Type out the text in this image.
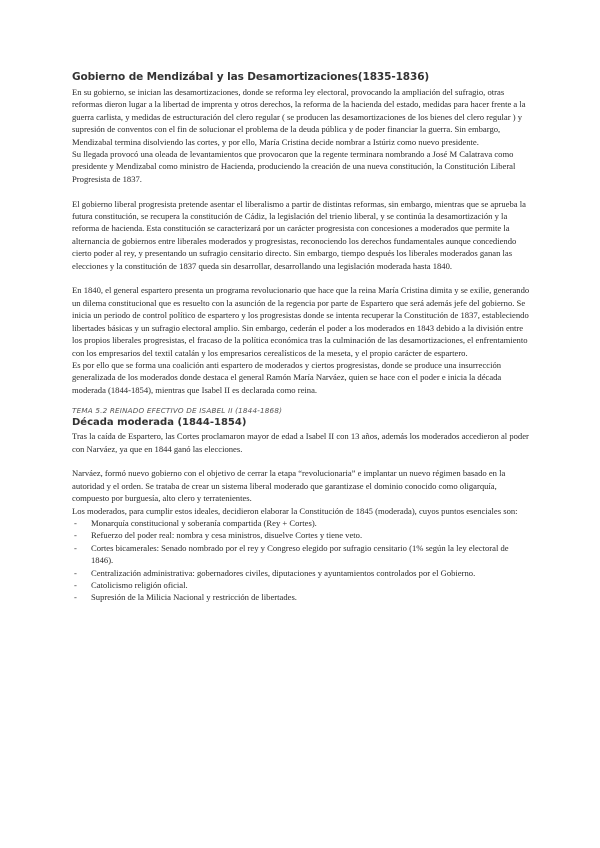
Gobierno de Mendizábal y las Desamortizaciones(1835-1836)

En su gobierno, se inician las desamortizaciones, donde se reforma ley electoral, provocando la ampliación del sufragio, otras reformas dieron lugar a la libertad de imprenta y otros derechos, la reforma de la hacienda del estado, medidas para hacer frente a la guerra carlista, y medidas de estructuración del clero regular ( se producen las desamortizaciones de los bienes del clero regular ) y supresión de conventos con el fin de solucionar el problema de la deuda pública y de poder financiar la guerra. Sin embargo, Mendizabal termina disolviendo las cortes, y por ello, María Cristina decide nombrar a Istúriz como nuevo presidente.

Su llegada provocó una oleada de levantamientos que provocaron que la regente terminara nombrando a José M Calatrava como presidente y Mendizabal como ministro de Hacienda, produciendo la creación de una nueva constitución, la Constitución Liberal Progresista de 1837.

El gobierno liberal progresista pretende asentar el liberalismo a partir de distintas reformas, sin embargo, mientras que se aprueba la futura constitución, se recupera la constitución de Cádiz, la legislación del trienio liberal, y se continúa la desamortización y la reforma de hacienda. Esta constitución se caracterizará por un carácter progresista con concesiones a moderados que permite la alternancia de gobiernos entre liberales moderados y progresistas, reconociendo los derechos fundamentales aunque concediendo cierto poder al rey, y presentando un sufragio censitario directo. Sin embargo, tiempo después los liberales moderados ganan las elecciones y la constitución de 1837 queda sin desarrollar, desarrollando una legislación moderada hasta 1840.

En 1840, el general espartero presenta un programa revolucionario que hace que la reina María Cristina dimita y se exilie, generando un dilema constitucional que es resuelto con la asunción de la regencia por parte de Espartero que será además jefe del gobierno. Se inicia un periodo de control político de espartero y los progresistas donde se intenta recuperar la Constitución de 1837, estableciendo libertades básicas y un sufragio electoral amplio. Sin embargo, cederán el poder a los moderados en 1843 debido a la división entre los propios liberales progresistas, el fracaso de la política económica tras la culminación de las desamortizaciones, el enfrentamiento con los empresarios del textil catalán y los empresarios cerealísticos de la meseta, y el propio carácter de espartero.

Es por ello que se forma una coalición anti espartero de moderados y ciertos progresistas, donde se produce una insurrección generalizada de los moderados donde destaca el general Ramón María Narváez, quien se hace con el poder e inicia la década moderada (1844-1854), mientras que Isabel II es declarada como reina.

TEMA 5.2 REINADO EFECTIVO DE ISABEL II (1844-1868)

Década moderada (1844-1854)

Tras la caída de Espartero, las Cortes proclamaron mayor de edad a Isabel II con 13 años, además los moderados accedieron al poder con Narváez, ya que en 1844 ganó las elecciones.

Narváez, formó nuevo gobierno con el objetivo de cerrar la etapa “revolucionaria” e implantar un nuevo régimen basado en la autoridad y el orden. Se trataba de crear un sistema liberal moderado que garantizase el dominio conocido como oligarquía, compuesto por burguesía, alto clero y terratenientes.

Los moderados, para cumplir estos ideales, decidieron elaborar la Constitución de 1845 (moderada), cuyos puntos esenciales son:

- Monarquía constitucional y soberanía compartida (Rey + Cortes).
- Refuerzo del poder real: nombra y cesa ministros, disuelve Cortes y tiene veto.
- Cortes bicamerales: Senado nombrado por el rey y Congreso elegido por sufragio censitario (1% según la ley electoral de 1846).
- Centralización administrativa: gobernadores civiles, diputaciones y ayuntamientos controlados por el Gobierno.
- Catolicismo religión oficial.
- Supresión de la Milicia Nacional y restricción de libertades.
